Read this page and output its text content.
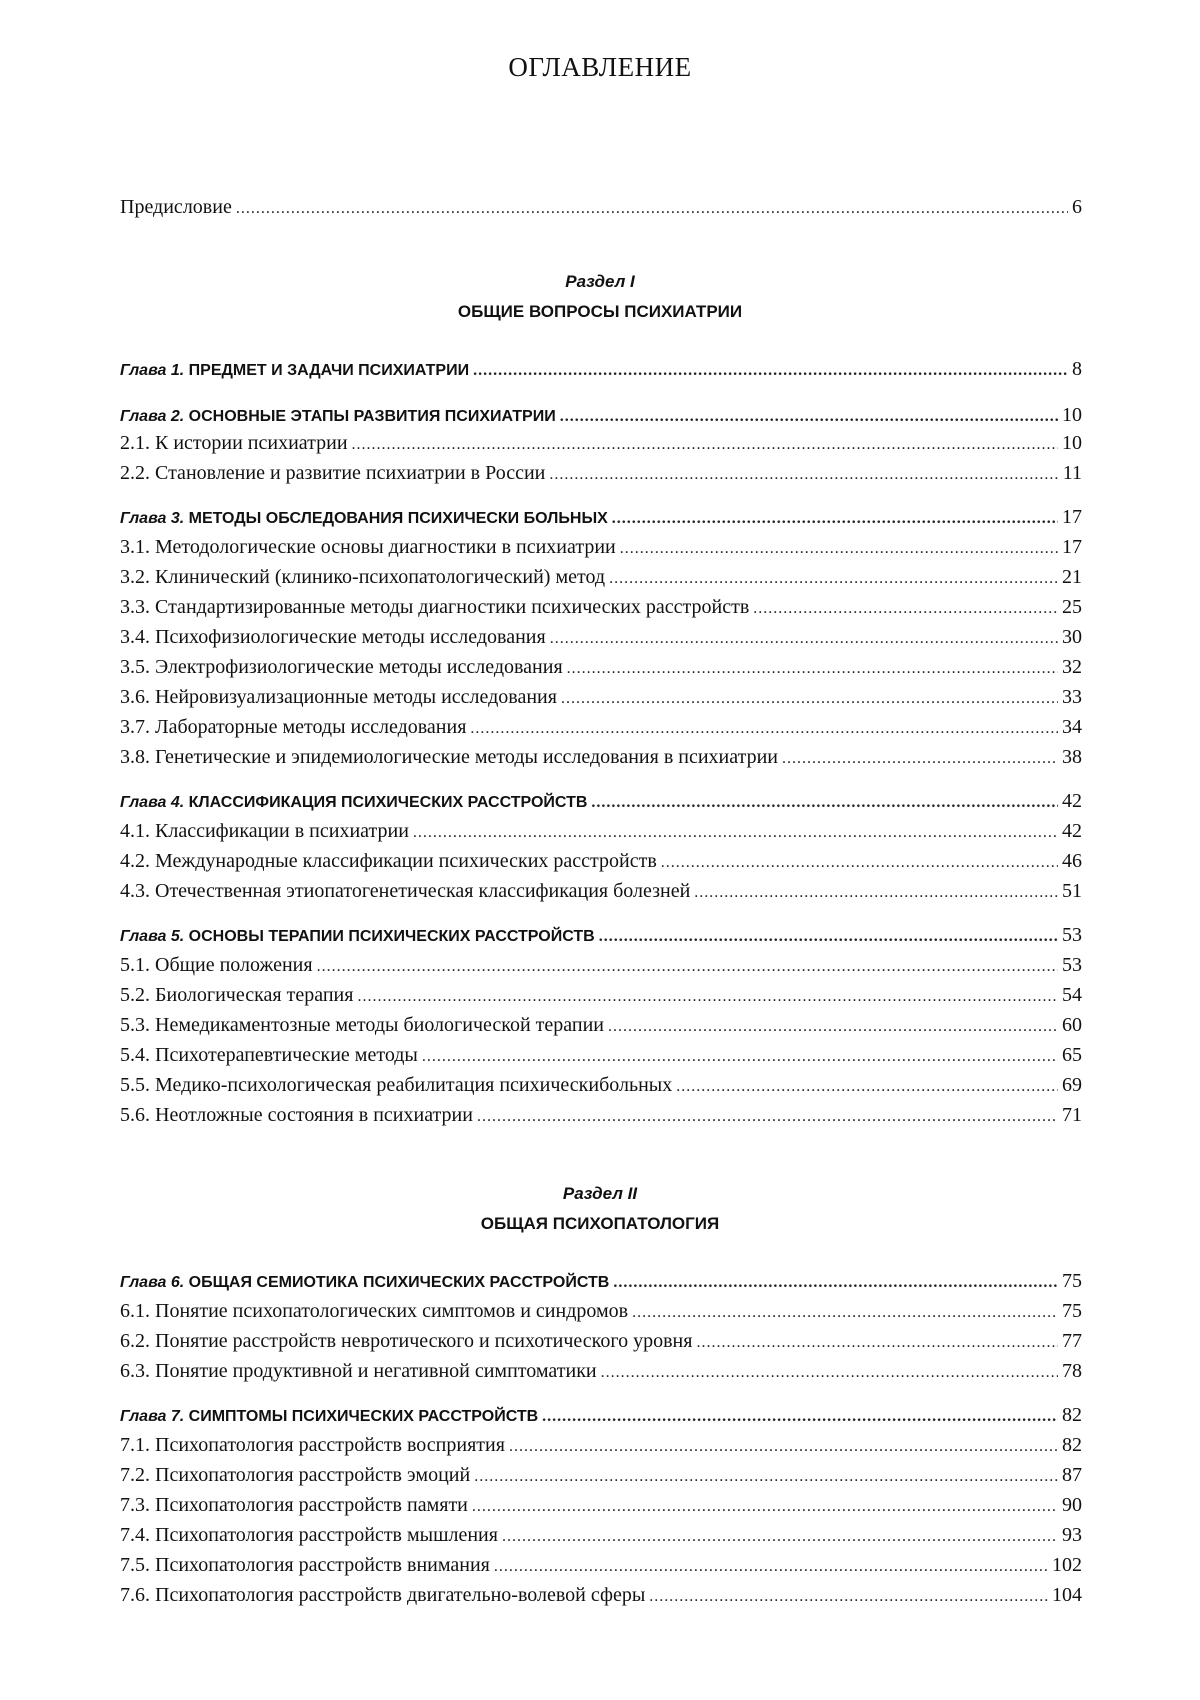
ОГЛАВЛЕНИЕ
Предисловие .....	6
Раздел I
ОБЩИЕ ВОПРОСЫ ПСИХИАТРИИ
Глава 1. ПРЕДМЕТ И ЗАДАЧИ ПСИХИАТРИИ .....	8
Глава 2. ОСНОВНЫЕ ЭТАПЫ РАЗВИТИЯ ПСИХИАТРИИ .....	10
2.1. К истории психиатрии .....	10
2.2. Становление и развитие психиатрии в России .....	11
Глава 3. МЕТОДЫ ОБСЛЕДОВАНИЯ ПСИХИЧЕСКИ БОЛЬНЫХ .....	17
3.1. Методологические основы диагностики в психиатрии .....	17
3.2. Клинический (клинико-психопатологический) метод .....	21
3.3. Стандартизированные методы диагностики психических расстройств .....	25
3.4. Психофизиологические методы исследования .....	30
3.5. Электрофизиологические методы исследования .....	32
3.6. Нейровизуализационные методы исследования .....	33
3.7. Лабораторные методы исследования .....	34
3.8. Генетические и эпидемиологические методы исследования в психиатрии .....	38
Глава 4. КЛАССИФИКАЦИЯ ПСИХИЧЕСКИХ РАССТРОЙСТВ .....	42
4.1. Классификации в психиатрии .....	42
4.2. Международные классификации психических расстройств .....	46
4.3. Отечественная этиопатогенетическая классификация болезней .....	51
Глава 5. ОСНОВЫ ТЕРАПИИ ПСИХИЧЕСКИХ РАССТРОЙСТВ .....	53
5.1. Общие положения .....	53
5.2. Биологическая терапия .....	54
5.3. Немедикаментозные методы биологической терапии .....	60
5.4. Психотерапевтические методы .....	65
5.5. Медико-психологическая реабилитация психическибольных .....	69
5.6. Неотложные состояния в психиатрии .....	71
Раздел II
ОБЩАЯ ПСИХОПАТОЛОГИЯ
Глава 6. ОБЩАЯ СЕМИОТИКА ПСИХИЧЕСКИХ РАССТРОЙСТВ .....	75
6.1. Понятие психопатологических симптомов и синдромов .....	75
6.2. Понятие расстройств невротического и психотического уровня .....	77
6.3. Понятие продуктивной и негативной симптоматики .....	78
Глава 7. СИМПТОМЫ ПСИХИЧЕСКИХ РАССТРОЙСТВ .....	82
7.1. Психопатология расстройств восприятия .....	82
7.2. Психопатология расстройств эмоций .....	87
7.3. Психопатология расстройств памяти .....	90
7.4. Психопатология расстройств мышления .....	93
7.5. Психопатология расстройств внимания .....	102
7.6. Психопатология расстройств двигательно-волевой сферы .....	104
